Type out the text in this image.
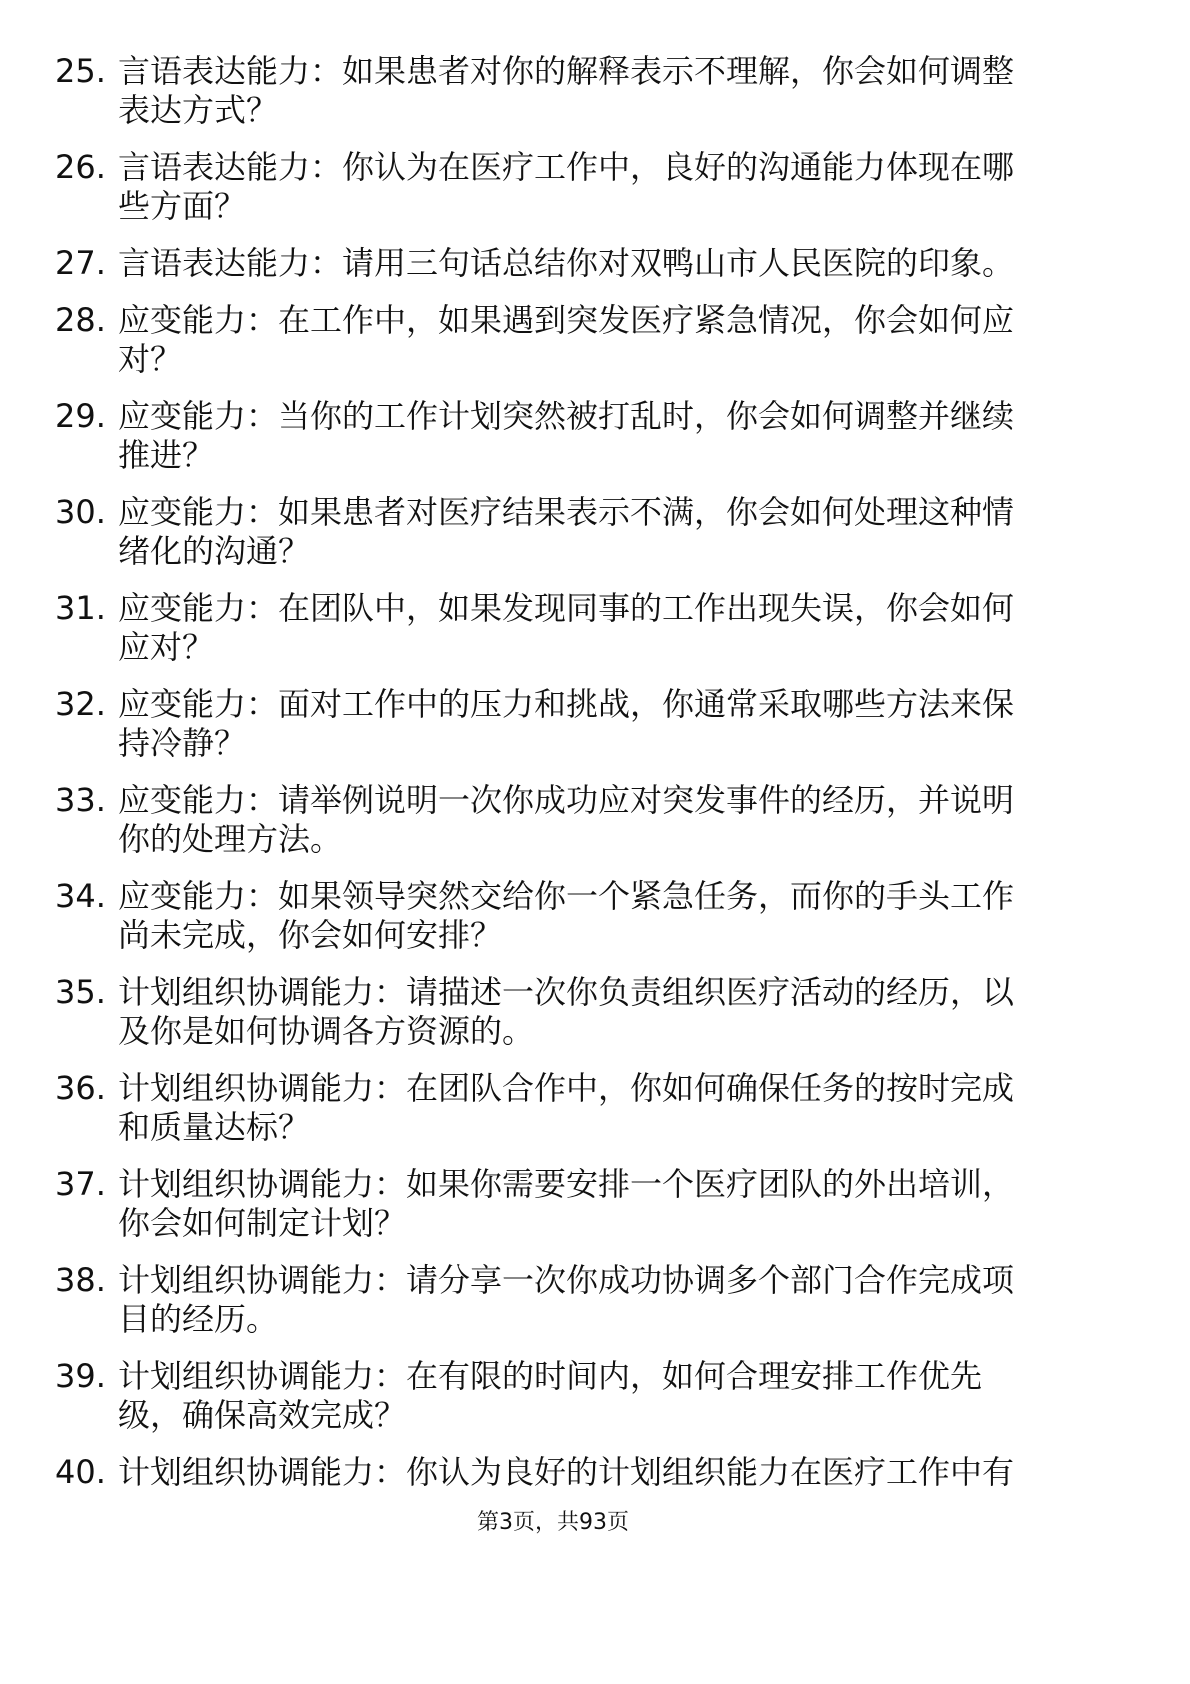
25. 言语表达能力：如果患者对你的解释表示不理解，你会如何调整
表达方式？
26. 言语表达能力：你认为在医疗工作中，良好的沟通能力体现在哪
些方面？
27. 言语表达能力：请用三句话总结你对双鸭山市人民医院的印象。
28. 应变能力：在工作中，如果遇到突发医疗紧急情况，你会如何应
对？
29. 应变能力：当你的工作计划突然被打乱时，你会如何调整并继续
推进？
30. 应变能力：如果患者对医疗结果表示不满，你会如何处理这种情
绪化的沟通？
31. 应变能力：在团队中，如果发现同事的工作出现失误，你会如何
应对？
32. 应变能力：面对工作中的压力和挑战，你通常采取哪些方法来保
持冷静？
33. 应变能力：请举例说明一次你成功应对突发事件的经历，并说明
你的处理方法。
34. 应变能力：如果领导突然交给你一个紧急任务，而你的手头工作
尚未完成，你会如何安排？
35. 计划组织协调能力：请描述一次你负责组织医疗活动的经历，以
及你是如何协调各方资源的。
36. 计划组织协调能力：在团队合作中，你如何确保任务的按时完成
和质量达标？
37. 计划组织协调能力：如果你需要安排一个医疗团队的外出培训，
你会如何制定计划？
38. 计划组织协调能力：请分享一次你成功协调多个部门合作完成项
目的经历。
39. 计划组织协调能力：在有限的时间内，如何合理安排工作优先
级，确保高效完成？
40. 计划组织协调能力：你认为良好的计划组织能力在医疗工作中有
第3页，共93页
